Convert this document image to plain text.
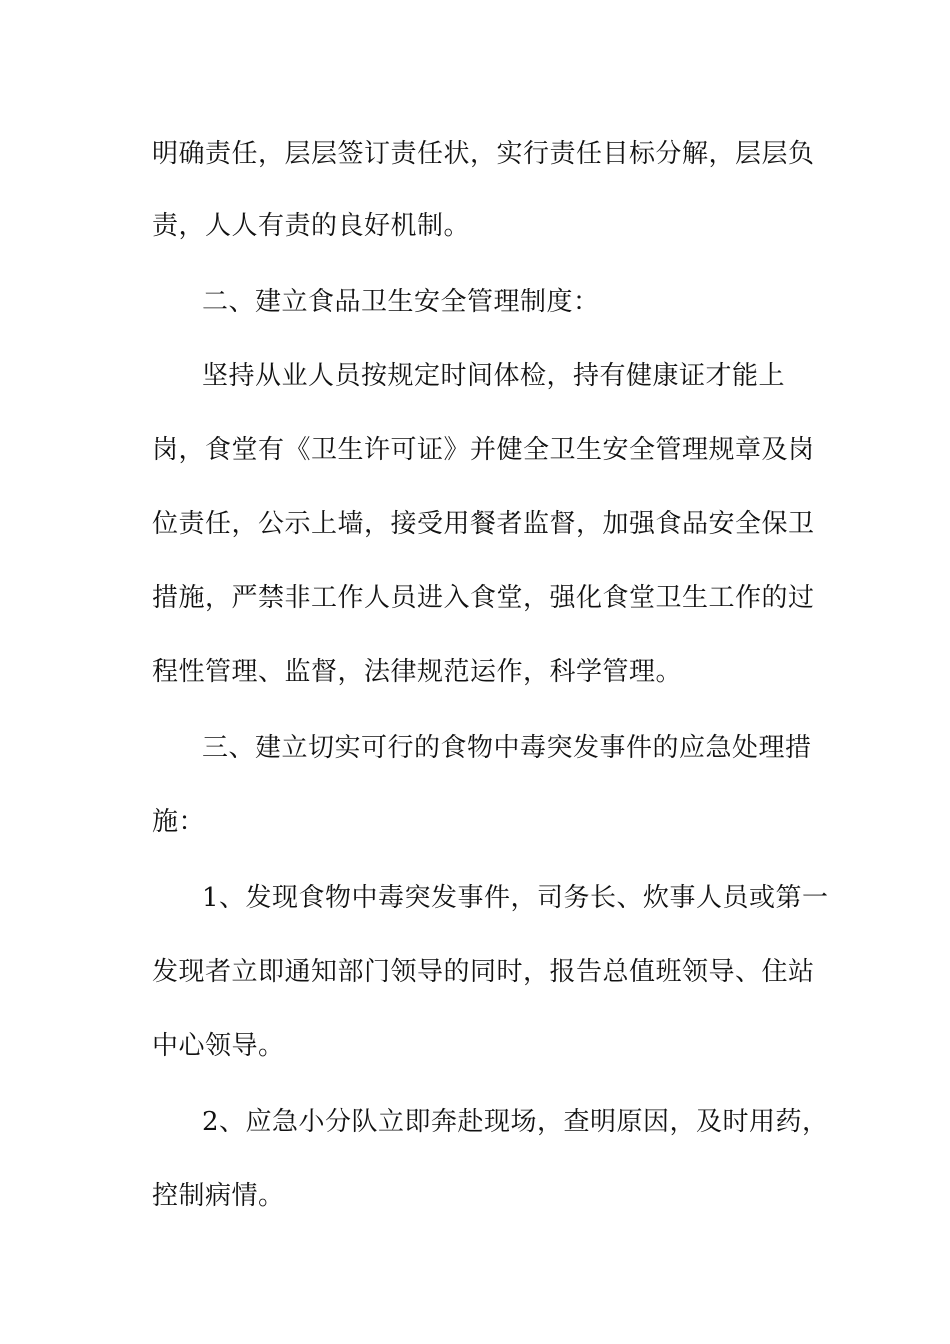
明确责任，层层签订责任状，实行责任目标分解，层层负
责，人人有责的良好机制。
二、建立食品卫生安全管理制度：
坚持从业人员按规定时间体检，持有健康证才能上
岗，食堂有《卫生许可证》并健全卫生安全管理规章及岗
位责任，公示上墙，接受用餐者监督，加强食品安全保卫
措施，严禁非工作人员进入食堂，强化食堂卫生工作的过
程性管理、监督，法律规范运作，科学管理。
三、建立切实可行的食物中毒突发事件的应急处理措
施：
1、发现食物中毒突发事件，司务长、炊事人员或第一
发现者立即通知部门领导的同时，报告总值班领导、住站
中心领导。
2、应急小分队立即奔赴现场，查明原因，及时用药，
控制病情。
